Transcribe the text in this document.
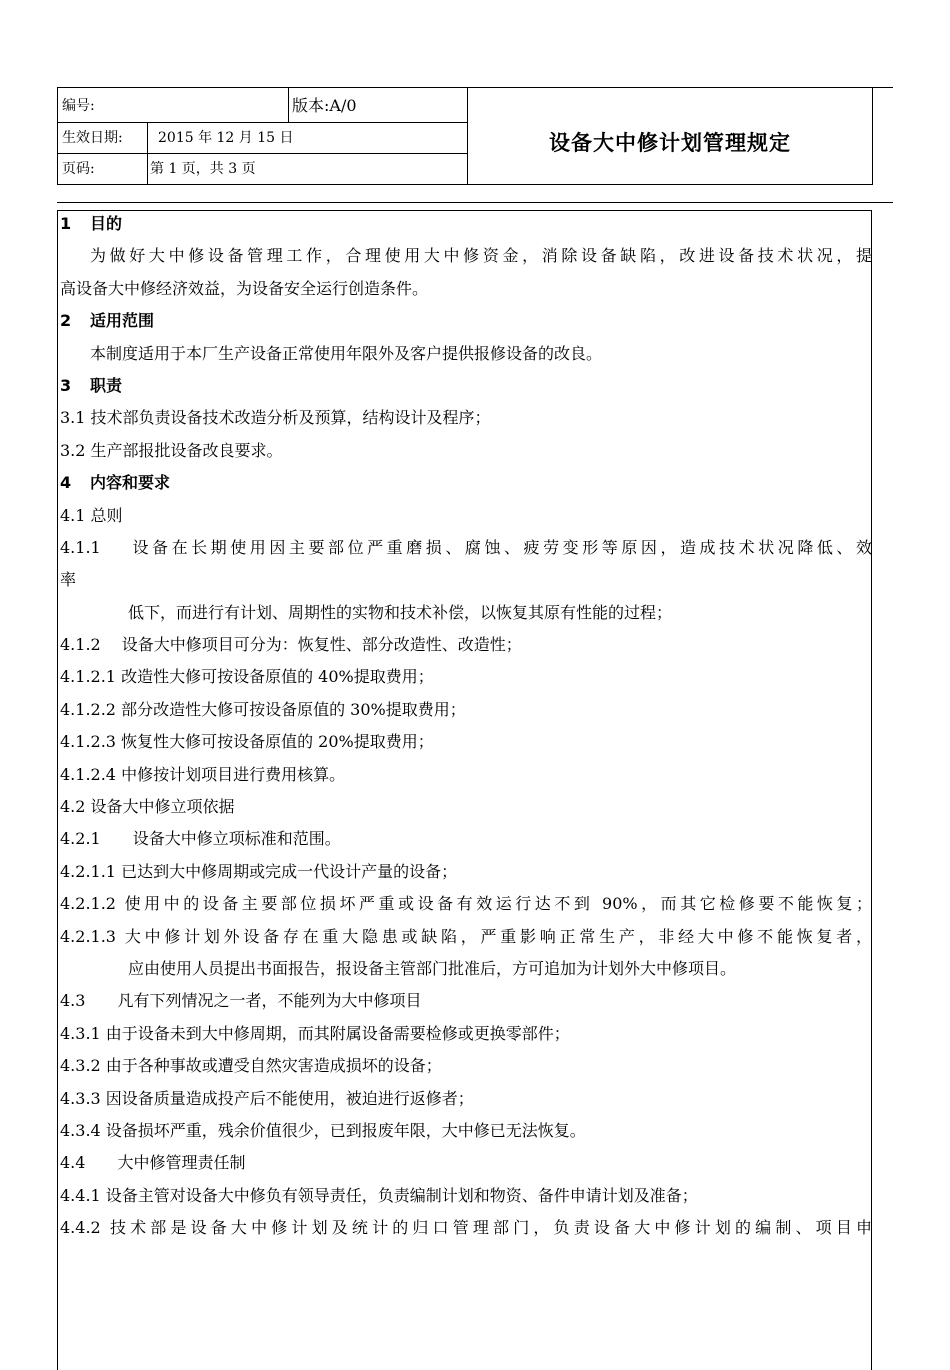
编号:	版本:A/0
生效日期:	2015 年 12 月 15 日
页码:	第 1 页，共 3 页
设备大中修计划管理规定
1 目的
为做好大中修设备管理工作，合理使用大中修资金，消除设备缺陷，改进设备技术状况，提
高设备大中修经济效益，为设备安全运行创造条件。
2 适用范围
本制度适用于本厂生产设备正常使用年限外及客户提供报修设备的改良。
3 职责
3.1 技术部负责设备技术改造分析及预算，结构设计及程序；
3.2 生产部报批设备改良要求。
4 内容和要求
4.1 总则
4.1.1　 设备在长期使用因主要部位严重磨损、腐蚀、疲劳变形等原因，造成技术状况降低、效
率
低下，而进行有计划、周期性的实物和技术补偿，以恢复其原有性能的过程；
4.1.2　 设备大中修项目可分为：恢复性、部分改造性、改造性；
4.1.2.1 改造性大修可按设备原值的 40%提取费用；
4.1.2.2 部分改造性大修可按设备原值的 30%提取费用；
4.1.2.3 恢复性大修可按设备原值的 20%提取费用；
4.1.2.4 中修按计划项目进行费用核算。
4.2 设备大中修立项依据
4.2.1　　设备大中修立项标准和范围。
4.2.1.1 已达到大中修周期或完成一代设计产量的设备；
4.2.1.2 使用中的设备主要部位损坏严重或设备有效运行达不到 90%，而其它检修要不能恢复；
4.2.1.3 大中修计划外设备存在重大隐患或缺陷，严重影响正常生产，非经大中修不能恢复者，
应由使用人员提出书面报告，报设备主管部门批准后，方可追加为计划外大中修项目。
4.3　　凡有下列情况之一者，不能列为大中修项目
4.3.1 由于设备未到大中修周期，而其附属设备需要检修或更换零部件；
4.3.2 由于各种事故或遭受自然灾害造成损坏的设备；
4.3.3 因设备质量造成投产后不能使用，被迫进行返修者；
4.3.4 设备损坏严重，残余价值很少，已到报废年限，大中修已无法恢复。
4.4　　大中修管理责任制
4.4.1 设备主管对设备大中修负有领导责任，负责编制计划和物资、备件申请计划及准备；
4.4.2 技术部是设备大中修计划及统计的归口管理部门，负责设备大中修计划的编制、项目申
